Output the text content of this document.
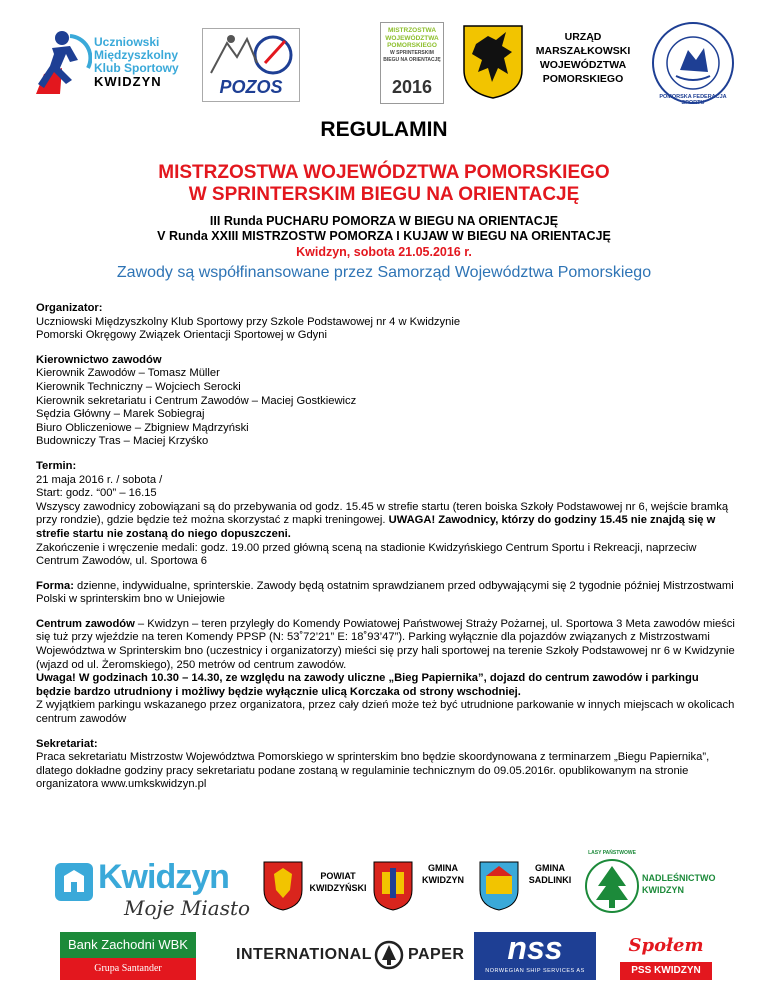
Uczniowski
Międzyszkolny
Klub Sportowy
KWIDZYN	POZOS
MISTRZOSTWA
WOJEWÓDZTWA
POMORSKIEGO
W SPRINTERSKIM
BIEGU NA ORIENTACJĘ
2016
URZĄD
MARSZAŁKOWSKI
WOJEWÓDZTWA
POMORSKIEGO
POMORSKA FEDERACJA SPORTU
REGULAMIN
MISTRZOSTWA WOJEWÓDZTWA POMORSKIEGO
W SPRINTERSKIM BIEGU NA ORIENTACJĘ
III Runda PUCHARU POMORZA W BIEGU NA ORIENTACJĘ
V Runda XXIII MISTRZOSTW POMORZA I KUJAW W BIEGU NA ORIENTACJĘ
Kwidzyn, sobota 21.05.2016 r.
Zawody są współfinansowane przez Samorząd Województwa Pomorskiego

Organizator:
Uczniowski Międzyszkolny Klub Sportowy przy Szkole Podstawowej nr 4 w Kwidzynie
Pomorski Okręgowy Związek Orientacji Sportowej w Gdyni

Kierownictwo zawodów
Kierownik Zawodów – Tomasz Müller
Kierownik Techniczny – Wojciech Serocki
Kierownik sekretariatu i Centrum Zawodów – Maciej Gostkiewicz
Sędzia Główny – Marek Sobiegraj
Biuro Obliczeniowe – Zbigniew Mądrzyński
Budowniczy Tras – Maciej Krzyśko

Termin:
21 maja 2016 r. / sobota /
Start: godz. “00” – 16.15
Wszyscy zawodnicy zobowiązani są do przebywania od godz. 15.45 w strefie startu (teren boiska Szkoły Podstawowej nr 6, wejście bramką przy rondzie), gdzie będzie też można skorzystać z mapki treningowej. UWAGA! Zawodnicy, którzy do godziny 15.45 nie znajdą się w strefie startu nie zostaną do niego dopuszczeni.
Zakończenie i wręczenie medali: godz. 19.00 przed główną sceną na stadionie Kwidzyńskiego Centrum Sportu i Rekreacji, naprzeciw Centrum Zawodów, ul. Sportowa 6

Forma: dzienne, indywidualne, sprinterskie. Zawody będą ostatnim sprawdzianem przed odbywającymi się 2 tygodnie później Mistrzostwami Polski w sprinterskim bno w Uniejowie

Centrum zawodów – Kwidzyn – teren przyległy do Komendy Powiatowej Państwowej Straży Pożarnej, ul. Sportowa 3 Meta zawodów mieści się tuż przy wjeździe na teren Komendy PPSP (N: 53˚72’21” E: 18˚93’47”). Parking wyłącznie dla pojazdów związanych z Mistrzostwami Województwa w Sprinterskim bno (uczestnicy i organizatorzy) mieści się przy hali sportowej na terenie Szkoły Podstawowej nr 6 w Kwidzynie (wjazd od ul. Żeromskiego), 250 metrów od centrum zawodów.
Uwaga! W godzinach 10.30 – 14.30, ze względu na zawody uliczne „Bieg Papiernika”, dojazd do centrum zawodów i parkingu będzie bardzo utrudniony i możliwy będzie wyłącznie ulicą Korczaka od strony wschodniej.
Z wyjątkiem parkingu wskazanego przez organizatora, przez cały dzień może też być utrudnione parkowanie w innych miejscach w okolicach centrum zawodów

Sekretariat:
Praca sekretariatu Mistrzostw Województwa Pomorskiego w sprinterskim bno będzie skoordynowana z terminarzem „Biegu Papiernika”, dlatego dokładne godziny pracy sekretariatu podane zostaną w regulaminie technicznym do 09.05.2016r. opublikowanym na stronie organizatora www.umkskwidzyn.pl

Kwidzyn
Moje Miasto
POWIAT
KWIDZYŃSKI
GMINA
KWIDZYN
GMINA
SADLINKI
LASY PAŃSTWOWE
NADLEŚNICTWO
KWIDZYN
Bank Zachodni WBK
Grupa Santander
INTERNATIONAL PAPER	nss
NORWEGIAN SHIP SERVICES AS
Społem
PSS KWIDZYN
